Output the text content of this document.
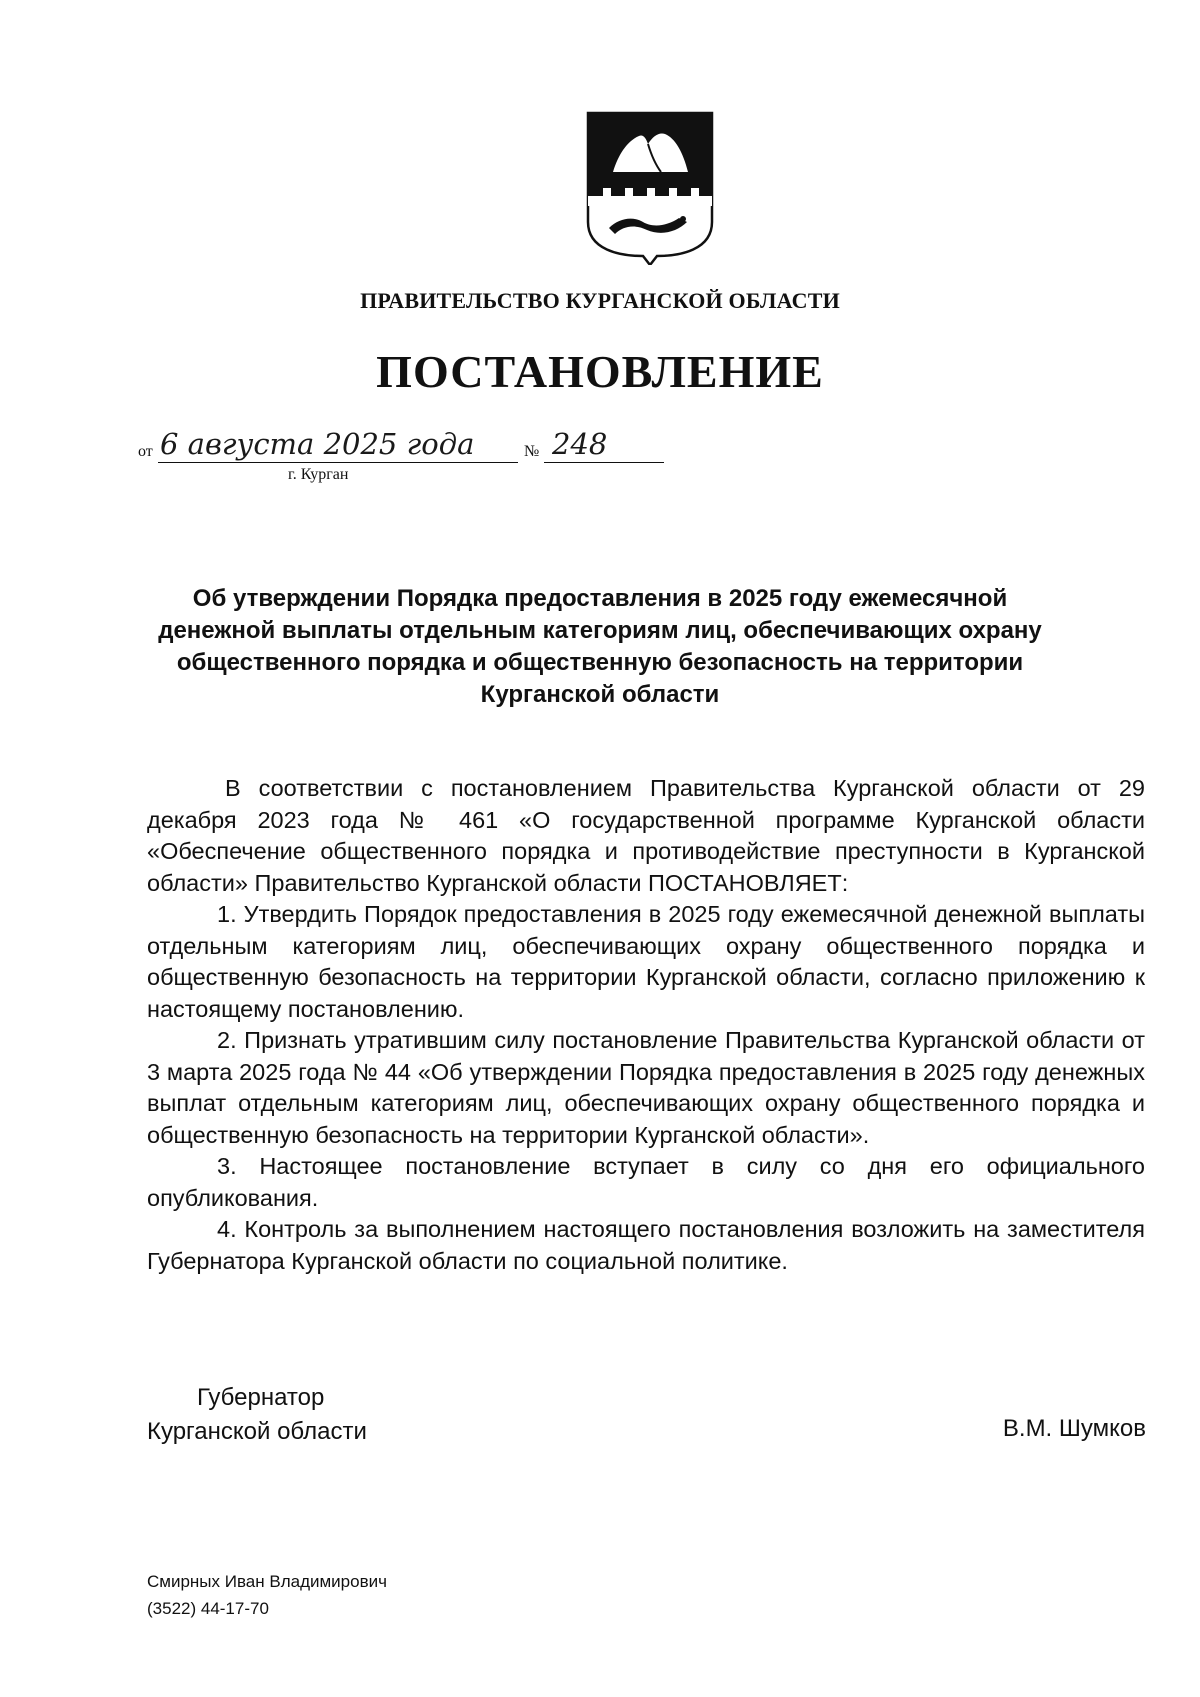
ПРАВИТЕЛЬСТВО КУРГАНСКОЙ ОБЛАСТИ
ПОСТАНОВЛЕНИЕ
от 6 августа 2025 года	№ 248
г. Курган
Об утверждении Порядка предоставления в 2025 году ежемесячной денежной выплаты отдельным категориям лиц, обеспечивающих охрану общественного порядка и общественную безопасность на территории Курганской области

В соответствии с постановлением Правительства Курганской области от 29 декабря 2023 года № 461 «О государственной программе Курганской области «Обеспечение общественного порядка и противодействие преступности в Курганской области» Правительство Курганской области ПОСТАНОВЛЯЕТ:

1. Утвердить Порядок предоставления в 2025 году ежемесячной денежной выплаты отдельным категориям лиц, обеспечивающих охрану общественного порядка и общественную безопасность на территории Курганской области, согласно приложению к настоящему постановлению.

2. Признать утратившим силу постановление Правительства Курганской области от 3 марта 2025 года № 44 «Об утверждении Порядка предоставления в 2025 году денежных выплат отдельным категориям лиц, обеспечивающих охрану общественного порядка и общественную безопасность на территории Курганской области».

3. Настоящее постановление вступает в силу со дня его официального опубликования.

4. Контроль за выполнением настоящего постановления возложить на заместителя Губернатора Курганской области по социальной политике.

Губернатор
Курганской области	В.М. Шумков
Смирных Иван Владимирович
(3522) 44-17-70
